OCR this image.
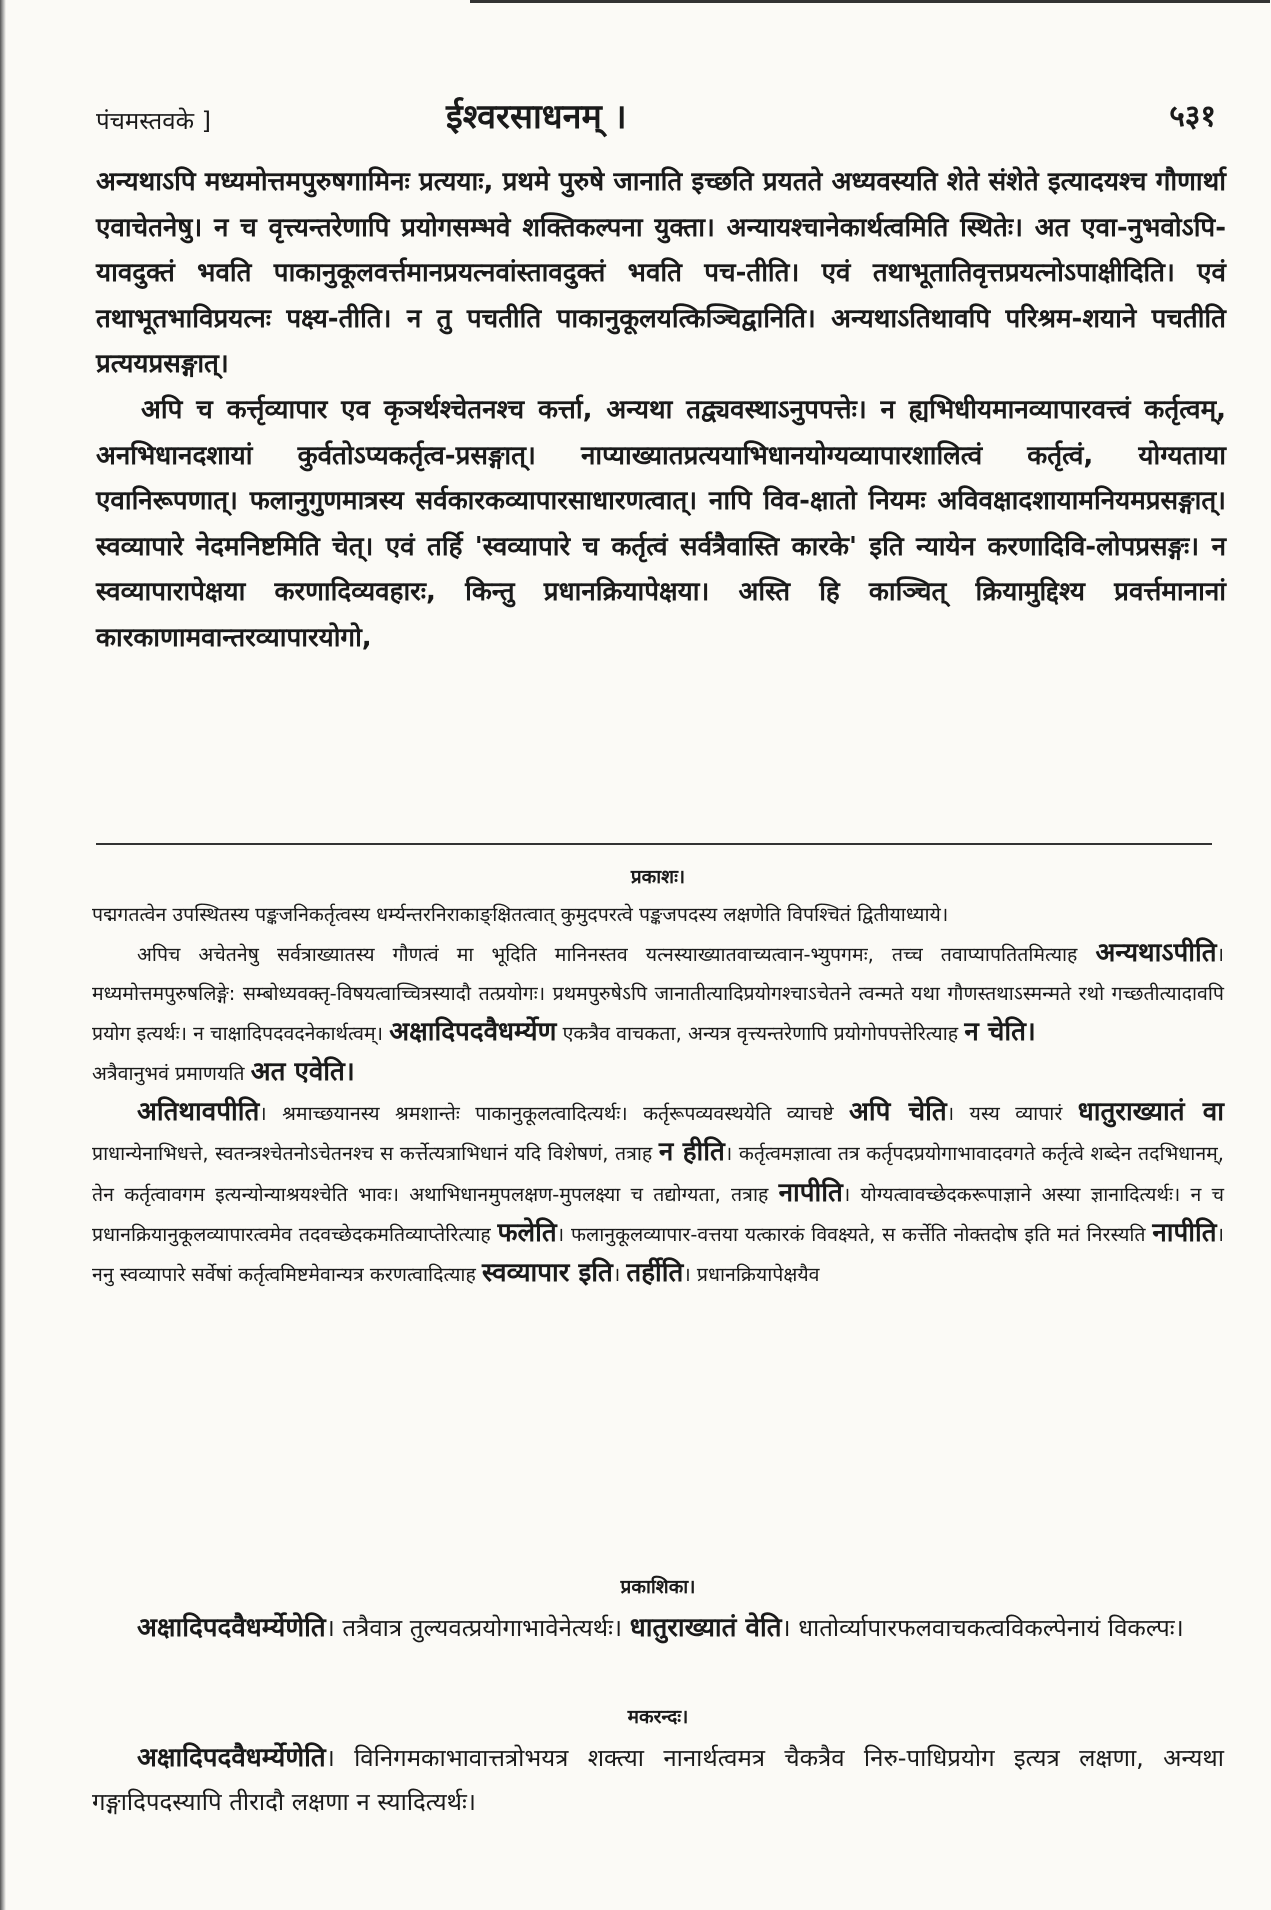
पंचमस्तवके ]	ईश्वरसाधनम् ।	५३१

अन्यथाऽपि मध्यमोत्तमपुरुषगामिनः प्रत्ययाः, प्रथमे पुरुषे जानाति इच्छति प्रयतते अध्यवस्यति शेते संशेते इत्यादयश्च गौणार्था एवाचेतनेषु। न च वृत्त्यन्तरेणापि प्रयोगसम्भवे शक्तिकल्पना युक्ता। अन्यायश्चानेकार्थत्वमिति स्थितेः। अत एवा-नुभवोऽपि-यावदुक्तं भवति पाकानुकूलवर्त्तमानप्रयत्नवांस्तावदुक्तं भवति पच-तीति। एवं तथाभूतातिवृत्तप्रयत्नोऽपाक्षीदिति। एवं तथाभूतभाविप्रयत्नः पक्ष्य-तीति। न तु पचतीति पाकानुकूलयत्किञ्चिद्वानिति। अन्यथाऽतिथावपि परिश्रम-शयाने पचतीति प्रत्ययप्रसङ्गात्।

अपि च कर्त्तृव्यापार एव कृञर्थश्चेतनश्च कर्त्ता, अन्यथा तद्व्यवस्थाऽनुपपत्तेः। न ह्यभिधीयमानव्यापारवत्त्वं कर्तृत्वम्, अनभिधानदशायां कुर्वतोऽप्यकर्तृत्व-प्रसङ्गात्। नाप्याख्यातप्रत्ययाभिधानयोग्यव्यापारशालित्वं कर्तृत्वं, योग्यताया एवानिरूपणात्। फलानुगुणमात्रस्य सर्वकारकव्यापारसाधारणत्वात्। नापि विव-क्षातो नियमः अविवक्षादशायामनियमप्रसङ्गात्। स्वव्यापारे नेदमनिष्टमिति चेत्। एवं तर्हि 'स्वव्यापारे च कर्तृत्वं सर्वत्रैवास्ति कारके' इति न्यायेन करणादिवि-लोपप्रसङ्गः। न स्वव्यापारापेक्षया करणादिव्यवहारः, किन्तु प्रधानक्रियापेक्षया। अस्ति हि काञ्चित् क्रियामुद्दिश्य प्रवर्त्तमानानां कारकाणामवान्तरव्यापारयोगो,

प्रकाशः।

पद्मगतत्वेन उपस्थितस्य पङ्कजनिकर्तृत्वस्य धर्म्यन्तरनिराकाङ्क्षितत्वात् कुमुदपरत्वे पङ्कजपदस्य लक्षणेति विपश्चितं द्वितीयाध्याये।

अपिच अचेतनेषु सर्वत्राख्यातस्य गौणत्वं मा भूदिति मानिनस्तव यत्नस्याख्यातवाच्यत्वान-भ्युपगमः, तच्च तवाप्यापतितमित्याह अन्यथाऽपीति। मध्यमोत्तमपुरुषलिङ्गे: सम्बोध्यवक्तृ-विषयत्वाच्चित्रस्यादौ तत्प्रयोगः। प्रथमपुरुषेऽपि जानातीत्यादिप्रयोगश्चाऽचेतने त्वन्मते यथा गौणस्तथाऽस्मन्मते रथो गच्छतीत्यादावपि प्रयोग इत्यर्थः। न चाक्षादिपदवदनेकार्थत्वम्। अक्षादिपदवैधर्म्येण एकत्रैव वाचकता, अन्यत्र वृत्त्यन्तरेणापि प्रयोगोपपत्तेरित्याह न चेति।

अत्रैवानुभवं प्रमाणयति अत एवेति।

अतिथावपीति। श्रमाच्छयानस्य श्रमशान्तेः पाकानुकूलत्वादित्यर्थः। कर्तृरूपव्यवस्थयेति व्याचष्टे अपि चेति। यस्य व्यापारं धातुराख्यातं वा प्राधान्येनाभिधत्ते, स्वतन्त्रश्चेतनोऽचेतनश्च स कर्त्तेत्यत्राभिधानं यदि विशेषणं, तत्राह न हीति। कर्तृत्वमज्ञात्वा तत्र कर्तृपदप्रयोगाभावादवगते कर्तृत्वे शब्देन तदभिधानम्, तेन कर्तृत्वावगम इत्यन्योन्याश्रयश्चेति भावः। अथाभिधानमुपलक्षण-मुपलक्ष्या च तद्योग्यता, तत्राह नापीति। योग्यत्वावच्छेदकरूपाज्ञाने अस्या ज्ञानादित्यर्थः। न च प्रधानक्रियानुकूलव्यापारत्वमेव तदवच्छेदकमतिव्याप्तेरित्याह फलेति। फलानुकूलव्यापार-वत्तया यत्कारकं विवक्ष्यते, स कर्त्तेति नोक्तदोष इति मतं निरस्यति नापीति। ननु स्वव्यापारे सर्वेषां कर्तृत्वमिष्टमेवान्यत्र करणत्वादित्याह स्वव्यापार इति। तर्हीति। प्रधानक्रियापेक्षयैव

प्रकाशिका।

अक्षादिपदवैधर्म्येणेति। तत्रैवात्र तुल्यवत्प्रयोगाभावेनेत्यर्थः। धातुराख्यातं वेति। धातोर्व्यापारफलवाचकत्वविकल्पेनायं विकल्पः।

मकरन्दः।

अक्षादिपदवैधर्म्येणेति। विनिगमकाभावात्तत्रोभयत्र शक्त्या नानार्थत्वमत्र चैकत्रैव निरु-पाधिप्रयोग इत्यत्र लक्षणा, अन्यथा गङ्गादिपदस्यापि तीरादौ लक्षणा न स्यादित्यर्थः।
